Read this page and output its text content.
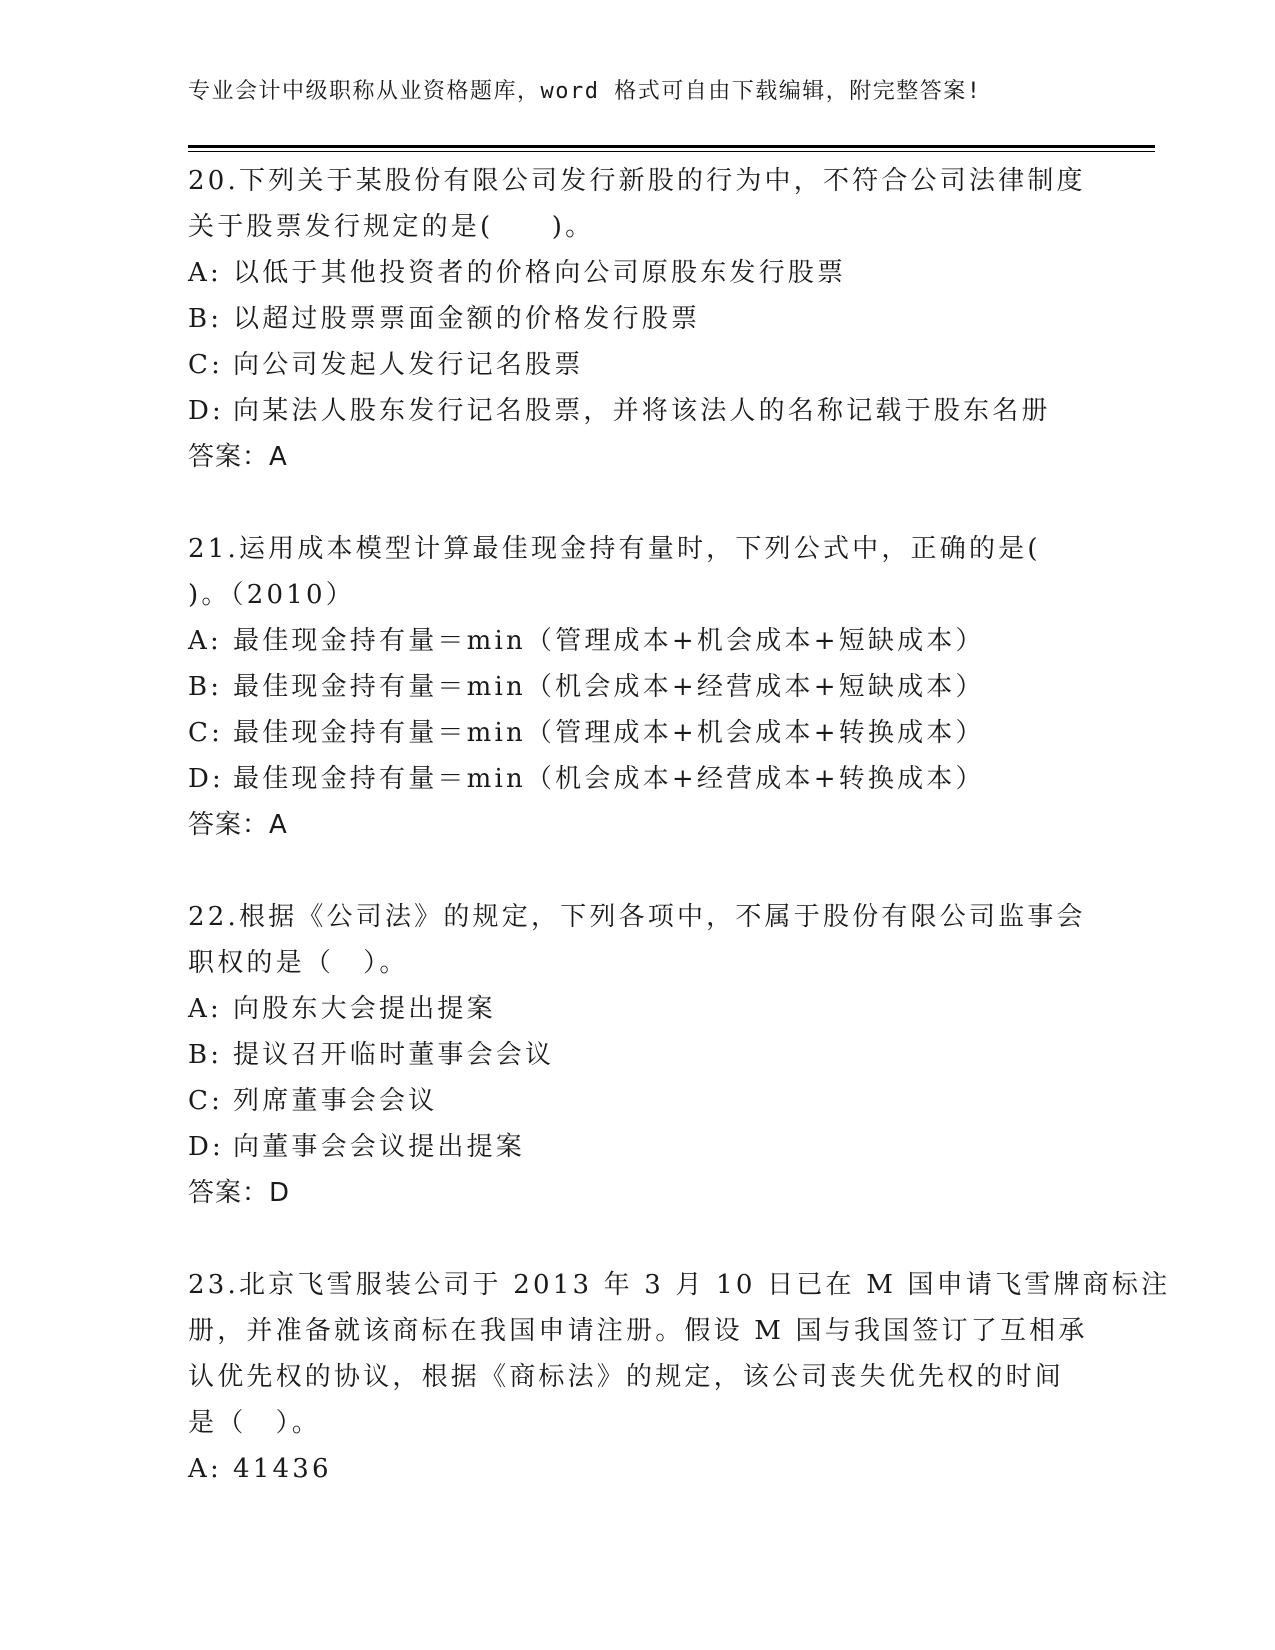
专业会计中级职称从业资格题库，word 格式可自由下载编辑，附完整答案!
20.下列关于某股份有限公司发行新股的行为中，不符合公司法律制度
关于股票发行规定的是(　　)。
A: 以低于其他投资者的价格向公司原股东发行股票
B: 以超过股票票面金额的价格发行股票
C: 向公司发起人发行记名股票
D: 向某法人股东发行记名股票，并将该法人的名称记载于股东名册
答案：A
21.运用成本模型计算最佳现金持有量时，下列公式中，正确的是(
)。（2010）
A: 最佳现金持有量＝min（管理成本+机会成本+短缺成本）
B: 最佳现金持有量＝min（机会成本+经营成本+短缺成本）
C: 最佳现金持有量＝min（管理成本+机会成本+转换成本）
D: 最佳现金持有量＝min（机会成本+经营成本+转换成本）
答案：A
22.根据《公司法》的规定，下列各项中，不属于股份有限公司监事会
职权的是（　）。
A: 向股东大会提出提案
B: 提议召开临时董事会会议
C: 列席董事会会议
D: 向董事会会议提出提案
答案：D
23.北京飞雪服装公司于 2013 年 3 月 10 日已在 M 国申请飞雪牌商标注
册，并准备就该商标在我国申请注册。假设 M 国与我国签订了互相承
认优先权的协议，根据《商标法》的规定，该公司丧失优先权的时间
是（　）。
A: 41436
